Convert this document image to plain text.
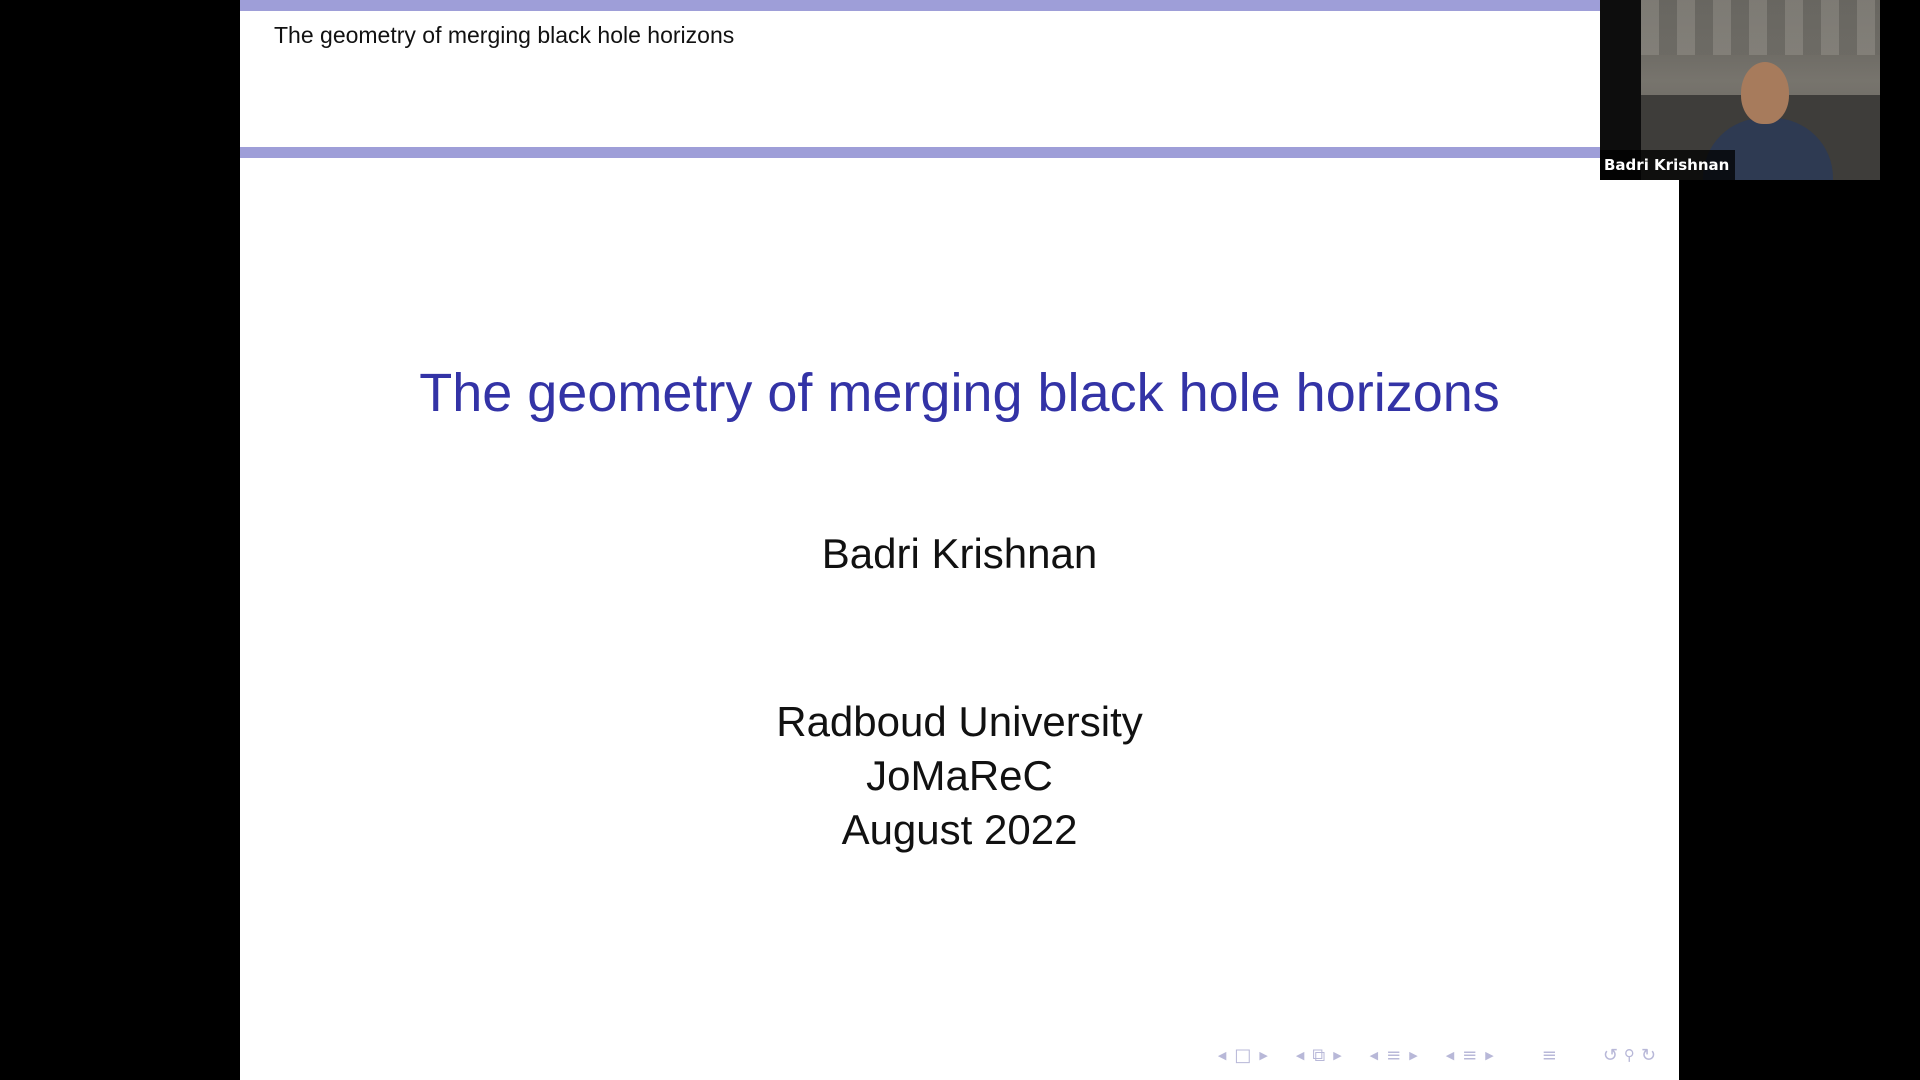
The geometry of merging black hole horizons
The geometry of merging black hole horizons
Badri Krishnan
Radboud University
JoMaReC
August 2022
◀ □ ▶	◀ ⧉ ▶	◀ ≡ ▶	◀ ≡ ▶	≡	↺ ⚲ ↻
Badri Krishnan
